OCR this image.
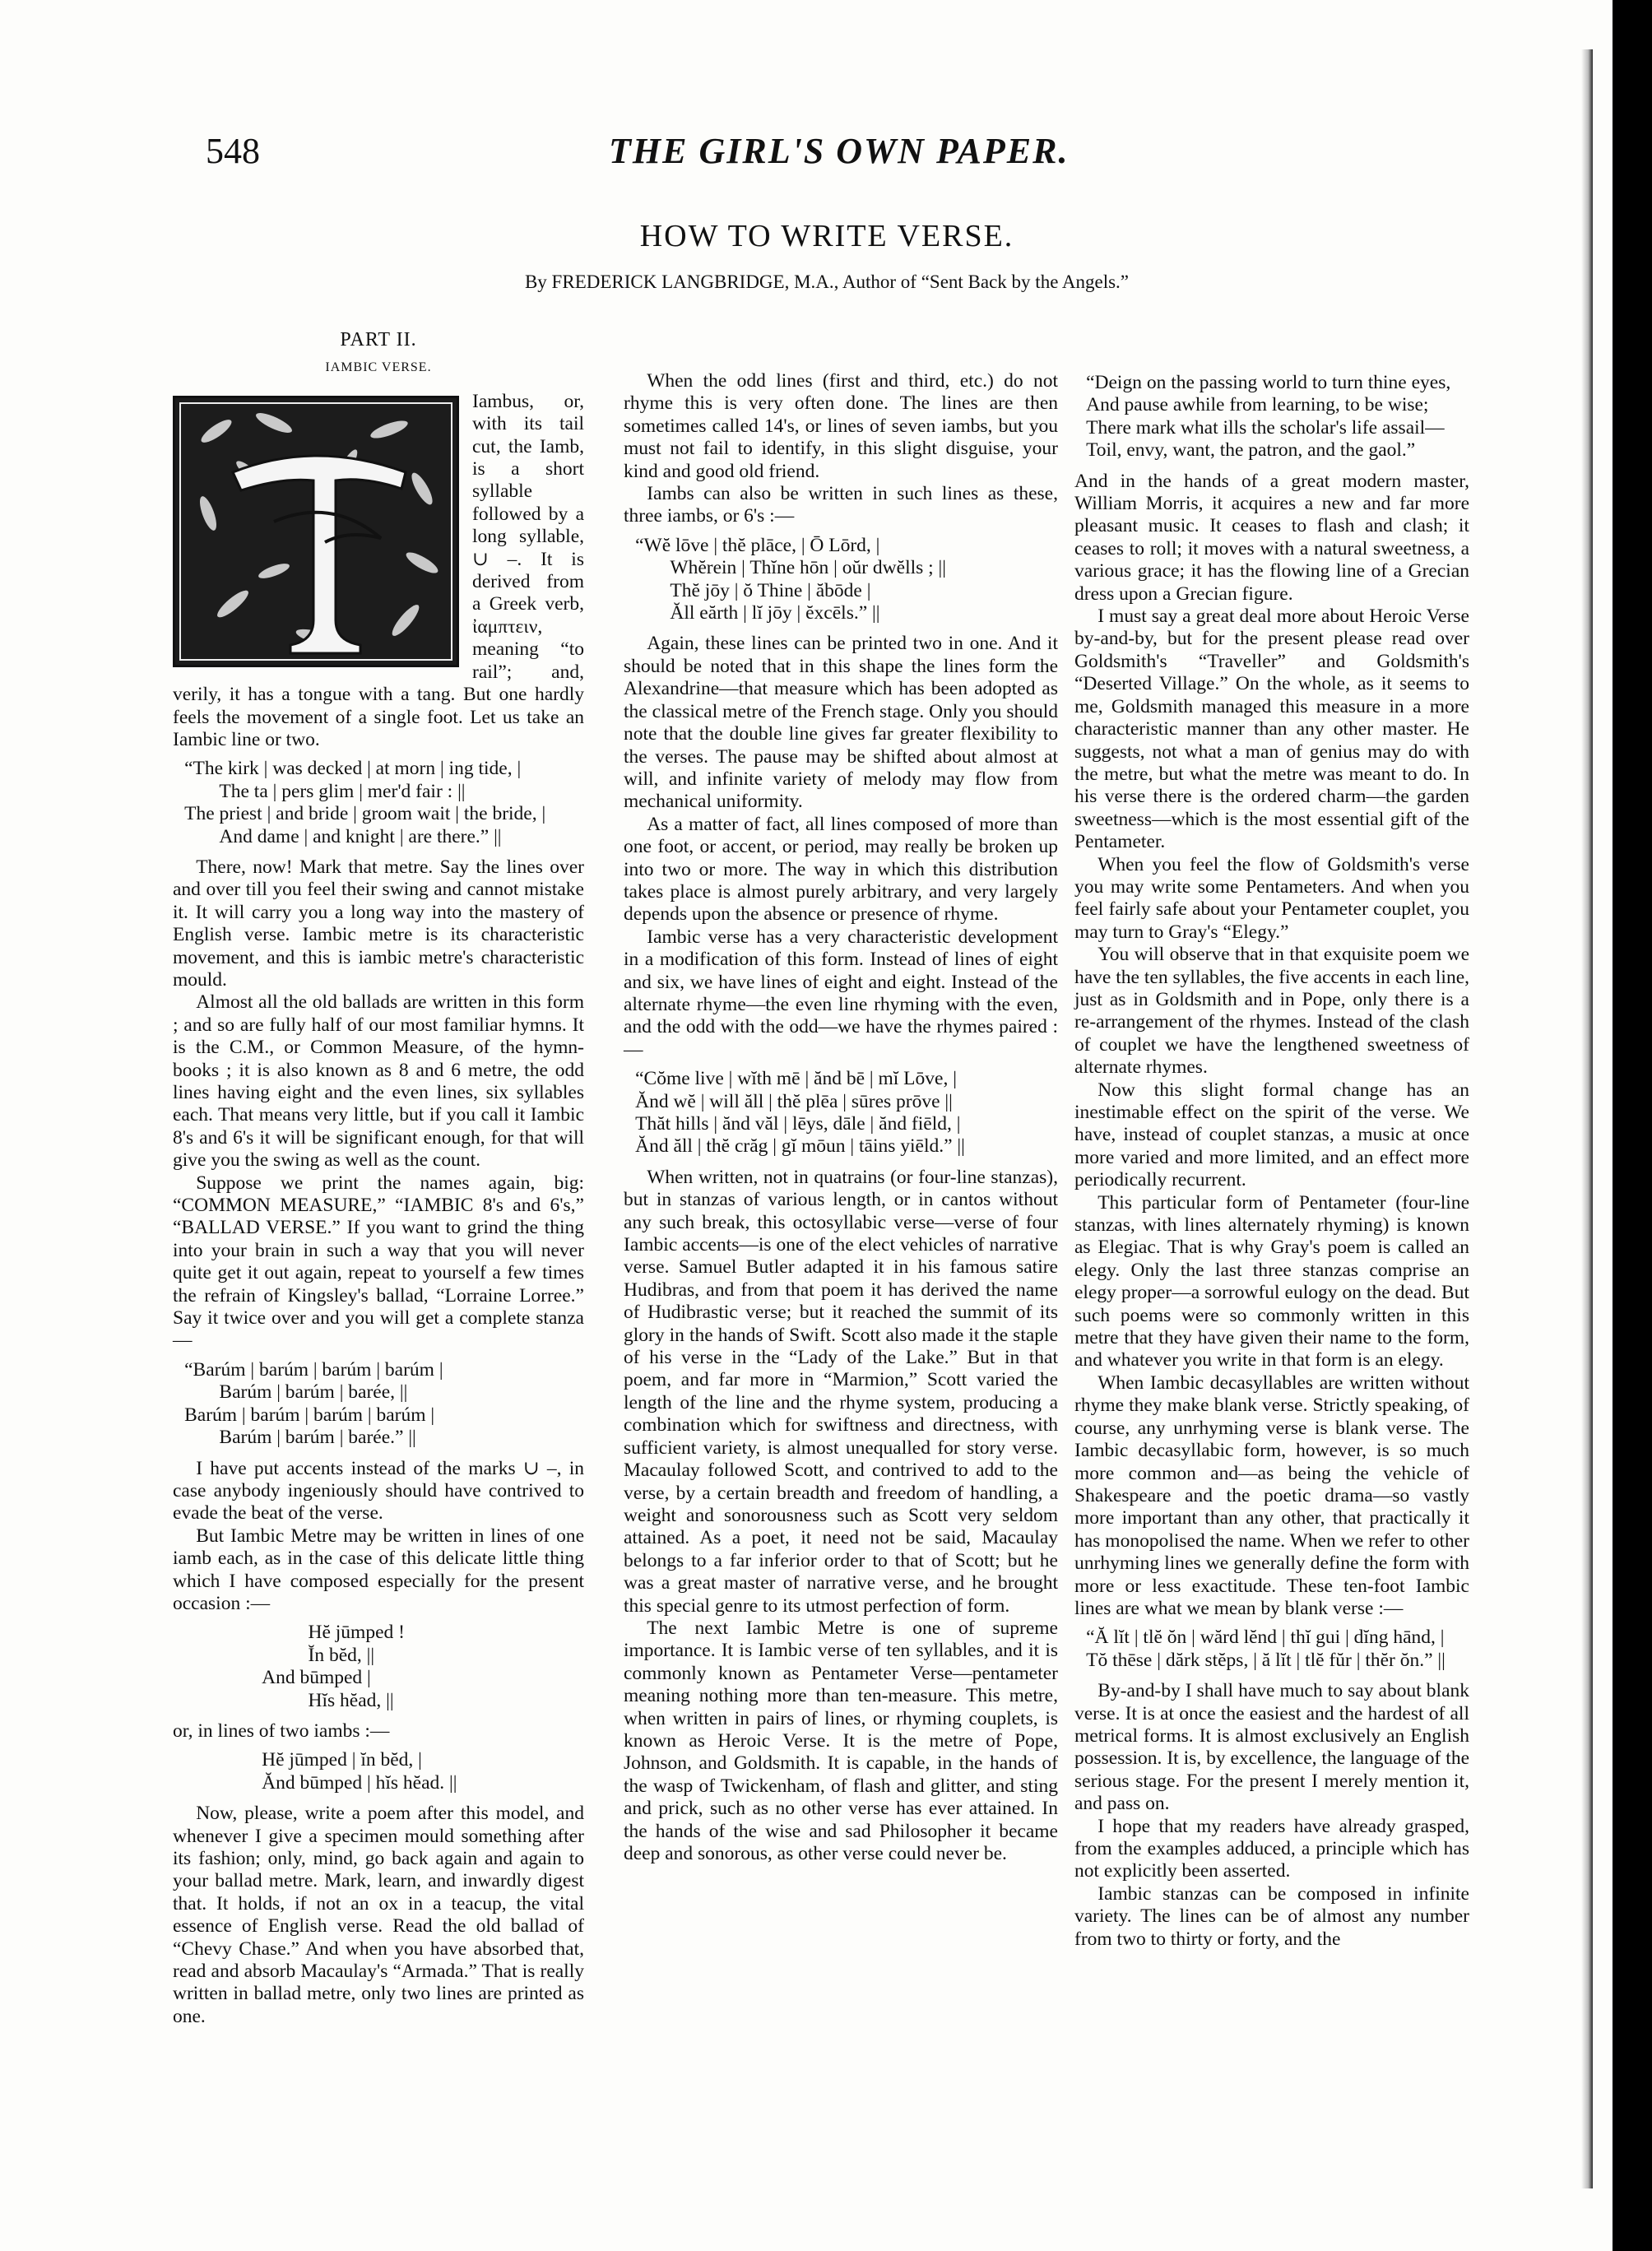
548	THE GIRL'S OWN PAPER.
HOW TO WRITE VERSE.
By FREDERICK LANGBRIDGE, M.A., Author of “Sent Back by the Angels.”
PART II.
IAMBIC VERSE.

Iambus, or, with its tail cut, the Iamb, is a short syllable followed by a long syllable, ∪ –. It is derived from a Greek verb, ἰαμπτειν, meaning “to rail”; and, verily, it has a tongue with a tang. But one hardly feels the movement of a single foot. Let us take an Iambic line or two.

“The kirk | was decked | at morn | ing tide, |
The ta | pers glim | mer'd fair : ||
The priest | and bride | groom wait | the bride, |
And dame | and knight | are there.” ||

There, now! Mark that metre. Say the lines over and over till you feel their swing and cannot mistake it. It will carry you a long way into the mastery of English verse. Iambic metre is its characteristic movement, and this is iambic metre's characteristic mould.

Almost all the old ballads are written in this form ; and so are fully half of our most familiar hymns. It is the C.M., or Common Measure, of the hymn-books ; it is also known as 8 and 6 metre, the odd lines having eight and the even lines, six syllables each. That means very little, but if you call it Iambic 8's and 6's it will be significant enough, for that will give you the swing as well as the count.

Suppose we print the names again, big: “COMMON MEASURE,” “IAMBIC 8's and 6's,” “BALLAD VERSE.” If you want to grind the thing into your brain in such a way that you will never quite get it out again, repeat to yourself a few times the refrain of Kingsley's ballad, “Lorraine Lorree.” Say it twice over and you will get a complete stanza—

“Barúm | barúm | barúm | barúm |
Barúm | barúm | barée, ||
Barúm | barúm | barúm | barúm |
Barúm | barúm | barée.” ||

I have put accents instead of the marks ∪ –, in case anybody ingeniously should have contrived to evade the beat of the verse.

But Iambic Metre may be written in lines of one iamb each, as in the case of this delicate little thing which I have composed especially for the present occasion :—

Hĕ jūmped !
Ĭn bĕd, ||
And būmped |
Hĭs hĕad, ||

or, in lines of two iambs :—

Hĕ jūmped | ĭn bĕd, |
Ănd būmped | hĭs hĕad. ||

Now, please, write a poem after this model, and whenever I give a specimen mould something after its fashion; only, mind, go back again and again to your ballad metre. Mark, learn, and inwardly digest that. It holds, if not an ox in a teacup, the vital essence of English verse. Read the old ballad of “Chevy Chase.” And when you have absorbed that, read and absorb Macaulay's “Armada.” That is really written in ballad metre, only two lines are printed as one.

When the odd lines (first and third, etc.) do not rhyme this is very often done. The lines are then sometimes called 14's, or lines of seven iambs, but you must not fail to identify, in this slight disguise, your kind and good old friend.

Iambs can also be written in such lines as these, three iambs, or 6's :—

“Wĕ lōve | thĕ plāce, | Ō Lōrd, |
Whĕrein | Thĭne hōn | oŭr dwĕlls ; ||
Thĕ jōy | ŏ Thine | ăbōde |
Ăll eărth | lĭ jōy | ĕxcēls.” ||

Again, these lines can be printed two in one. And it should be noted that in this shape the lines form the Alexandrine—that measure which has been adopted as the classical metre of the French stage. Only you should note that the double line gives far greater flexibility to the verses. The pause may be shifted about almost at will, and infinite variety of melody may flow from mechanical uniformity.

As a matter of fact, all lines composed of more than one foot, or accent, or period, may really be broken up into two or more. The way in which this distribution takes place is almost purely arbitrary, and very largely depends upon the absence or presence of rhyme.

Iambic verse has a very characteristic development in a modification of this form. Instead of lines of eight and six, we have lines of eight and eight. Instead of the alternate rhyme—the even line rhyming with the even, and the odd with the odd—we have the rhymes paired :—

“Cŏme live | wĭth mē | ănd bē | mĭ Lōve, |
Ănd wĕ | will ăll | thĕ plēa | sūres prōve ||
Thăt hills | ănd văl | lēys, dāle | ănd fiēld, |
Ănd ăll | thĕ crăg | gĭ mōun | tāins yiēld.” ||

When written, not in quatrains (or four-line stanzas), but in stanzas of various length, or in cantos without any such break, this octosyllabic verse—verse of four Iambic accents—is one of the elect vehicles of narrative verse. Samuel Butler adapted it in his famous satire Hudibras, and from that poem it has derived the name of Hudibrastic verse; but it reached the summit of its glory in the hands of Swift. Scott also made it the staple of his verse in the “Lady of the Lake.” But in that poem, and far more in “Marmion,” Scott varied the length of the line and the rhyme system, producing a combination which for swiftness and directness, with sufficient variety, is almost unequalled for story verse. Macaulay followed Scott, and contrived to add to the verse, by a certain breadth and freedom of handling, a weight and sonorousness such as Scott very seldom attained. As a poet, it need not be said, Macaulay belongs to a far inferior order to that of Scott; but he was a great master of narrative verse, and he brought this special genre to its utmost perfection of form.

The next Iambic Metre is one of supreme importance. It is Iambic verse of ten syllables, and it is commonly known as Pentameter Verse—pentameter meaning nothing more than ten-measure. This metre, when written in pairs of lines, or rhyming couplets, is known as Heroic Verse. It is the metre of Pope, Johnson, and Goldsmith. It is capable, in the hands of the wasp of Twickenham, of flash and glitter, and sting and prick, such as no other verse has ever attained. In the hands of the wise and sad Philosopher it became deep and sonorous, as other verse could never be.

“Deign on the passing world to turn thine eyes,
And pause awhile from learning, to be wise;
There mark what ills the scholar's life assail—
Toil, envy, want, the patron, and the gaol.”

And in the hands of a great modern master, William Morris, it acquires a new and far more pleasant music. It ceases to flash and clash; it ceases to roll; it moves with a natural sweetness, a various grace; it has the flowing line of a Grecian dress upon a Grecian figure.

I must say a great deal more about Heroic Verse by-and-by, but for the present please read over Goldsmith's “Traveller” and Goldsmith's “Deserted Village.” On the whole, as it seems to me, Goldsmith managed this measure in a more characteristic manner than any other master. He suggests, not what a man of genius may do with the metre, but what the metre was meant to do. In his verse there is the ordered charm—the garden sweetness—which is the most essential gift of the Pentameter.

When you feel the flow of Goldsmith's verse you may write some Pentameters. And when you feel fairly safe about your Pentameter couplet, you may turn to Gray's “Elegy.”

You will observe that in that exquisite poem we have the ten syllables, the five accents in each line, just as in Goldsmith and in Pope, only there is a re-arrangement of the rhymes. Instead of the clash of couplet we have the lengthened sweetness of alternate rhymes.

Now this slight formal change has an inestimable effect on the spirit of the verse. We have, instead of couplet stanzas, a music at once more varied and more limited, and an effect more periodically recurrent.

This particular form of Pentameter (four-line stanzas, with lines alternately rhyming) is known as Elegiac. That is why Gray's poem is called an elegy. Only the last three stanzas comprise an elegy proper—a sorrowful eulogy on the dead. But such poems were so commonly written in this metre that they have given their name to the form, and whatever you write in that form is an elegy.

When Iambic decasyllables are written without rhyme they make blank verse. Strictly speaking, of course, any unrhyming verse is blank verse. The Iambic decasyllabic form, however, is so much more common and—as being the vehicle of Shakespeare and the poetic drama—so vastly more important than any other, that practically it has monopolised the name. When we refer to other unrhyming lines we generally define the form with more or less exactitude. These ten-foot Iambic lines are what we mean by blank verse :—

“Ă lĭt | tlĕ ŏn | wărd lĕnd | thĭ gui | dĭng hānd, |
Tŏ thēse | dărk stĕps, | ă lĭt | tlĕ fŭr | thĕr ŏn.” ||

By-and-by I shall have much to say about blank verse. It is at once the easiest and the hardest of all metrical forms. It is almost exclusively an English possession. It is, by excellence, the language of the serious stage. For the present I merely mention it, and pass on.

I hope that my readers have already grasped, from the examples adduced, a principle which has not explicitly been asserted.

Iambic stanzas can be composed in infinite variety. The lines can be of almost any number from two to thirty or forty, and the
